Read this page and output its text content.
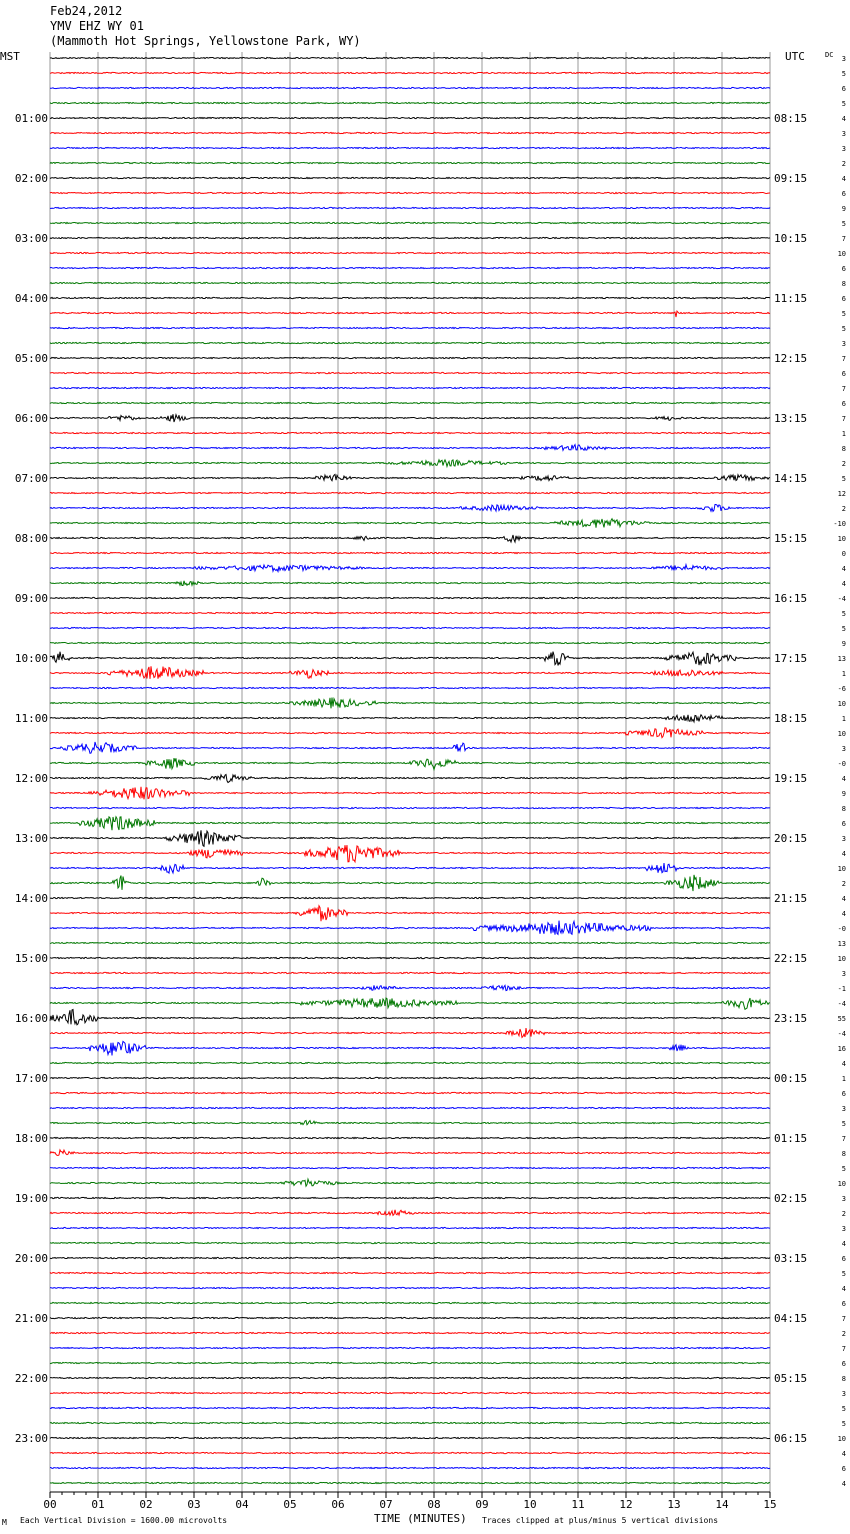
Feb24,2012
YMV EHZ WY 01
(Mammoth Hot Springs, Yellowstone Park, WY)
MST	UTC	DC 3
5
6
5
4
3
3
2
4
6
9
5
7
10
6
8
6
5
5
3
7
6
7
6
7
1
8
2
5
12
2
-10
10
0
4
4
-4
5
5
9
13
1
-6
10
1
10
3
-0
4
9
8
6
3
4
10
2
4
4
-0
13
10
3
-1
-4
55
-4
16
4
1
6
3
5
7
8
5
10
3
2
3
4
6
5
4
6
7
2
7
6
8
3
5
5
10
4
6
4
01:00
02:00
03:00
04:00
05:00
06:00
07:00
08:00
09:00
10:00
11:00
12:00
13:00
14:00
15:00
16:00
17:00
18:00
19:00
20:00
21:00
22:00
23:00
08:15
09:15
10:15
11:15
12:15
13:15
14:15
15:15
16:15
17:15
18:15
19:15
20:15
21:15
22:15
23:15
00:15
01:15
02:15
03:15
04:15
05:15
06:15
00	01	02	03	04	05	06	07	08	09	10	11	12	13	14	15
TIME (MINUTES)
Each Vertical Division = 1600.00 microvolts	Traces clipped at plus/minus 5 vertical divisions
M
